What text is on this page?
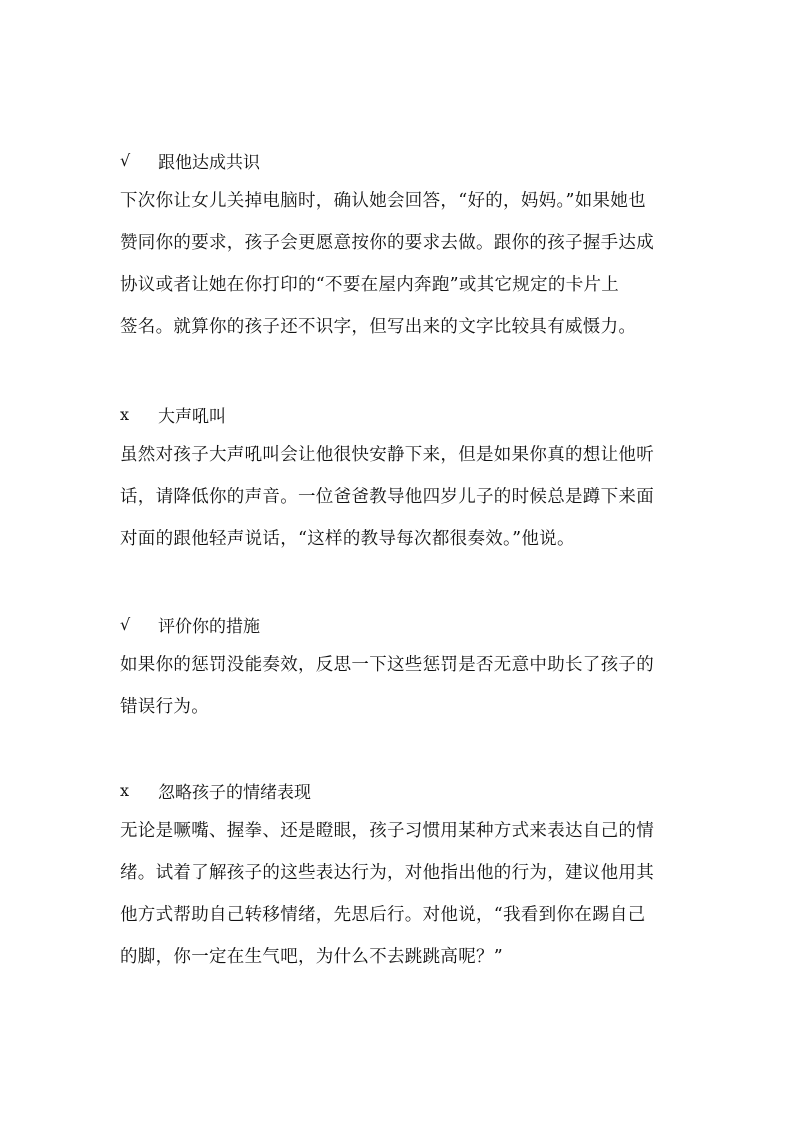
√	跟他达成共识

下次你让女儿关掉电脑时，确认她会回答，“好的，妈妈。”如果她也
赞同你的要求，孩子会更愿意按你的要求去做。跟你的孩子握手达成
协议或者让她在你打印的“不要在屋内奔跑”或其它规定的卡片上
签名。就算你的孩子还不识字，但写出来的文字比较具有威慑力。

x	大声吼叫

虽然对孩子大声吼叫会让他很快安静下来，但是如果你真的想让他听
话，请降低你的声音。一位爸爸教导他四岁儿子的时候总是蹲下来面
对面的跟他轻声说话，“这样的教导每次都很奏效。”他说。

√	评价你的措施

如果你的惩罚没能奏效，反思一下这些惩罚是否无意中助长了孩子的
错误行为。

x	忽略孩子的情绪表现

无论是噘嘴、握拳、还是瞪眼，孩子习惯用某种方式来表达自己的情
绪。试着了解孩子的这些表达行为，对他指出他的行为，建议他用其
他方式帮助自己转移情绪，先思后行。对他说，“我看到你在踢自己
的脚，你一定在生气吧，为什么不去跳跳高呢？”
